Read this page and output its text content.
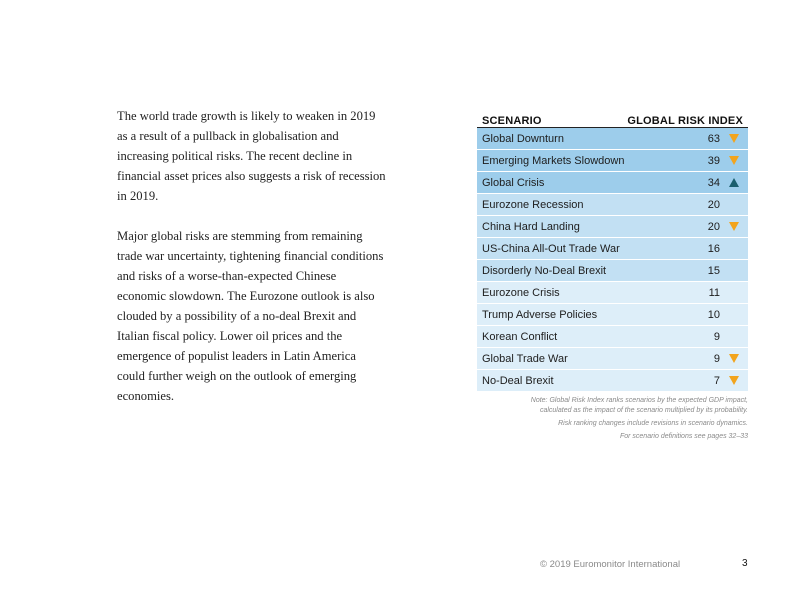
The world trade growth is likely to weaken in 2019 as a result of a pullback in globalisation and increasing political risks. The recent decline in financial asset prices also suggests a risk of recession in 2019.

Major global risks are stemming from remaining trade war uncertainty, tightening financial conditions and risks of a worse-than-expected Chinese economic slowdown. The Eurozone outlook is also clouded by a possibility of a no-deal Brexit and Italian fiscal policy. Lower oil prices and the emergence of populist leaders in Latin America could further weigh on the outlook of emerging economies.

SCENARIO	GLOBAL RISK INDEX
Global Downturn	63
Emerging Markets Slowdown	39
Global Crisis	34
Eurozone Recession	20
China Hard Landing	20
US-China All-Out Trade War	16
Disorderly No-Deal Brexit	15
Eurozone Crisis	11
Trump Adverse Policies	10
Korean Conflict	9
Global Trade War	9
No-Deal Brexit	7

Note: Global Risk Index ranks scenarios by the expected GDP impact,
calculated as the impact of the scenario multiplied by its probability.

Risk ranking changes include revisions in scenario dynamics.

For scenario definitions see pages 32–33

© 2019 Euromonitor International	3
